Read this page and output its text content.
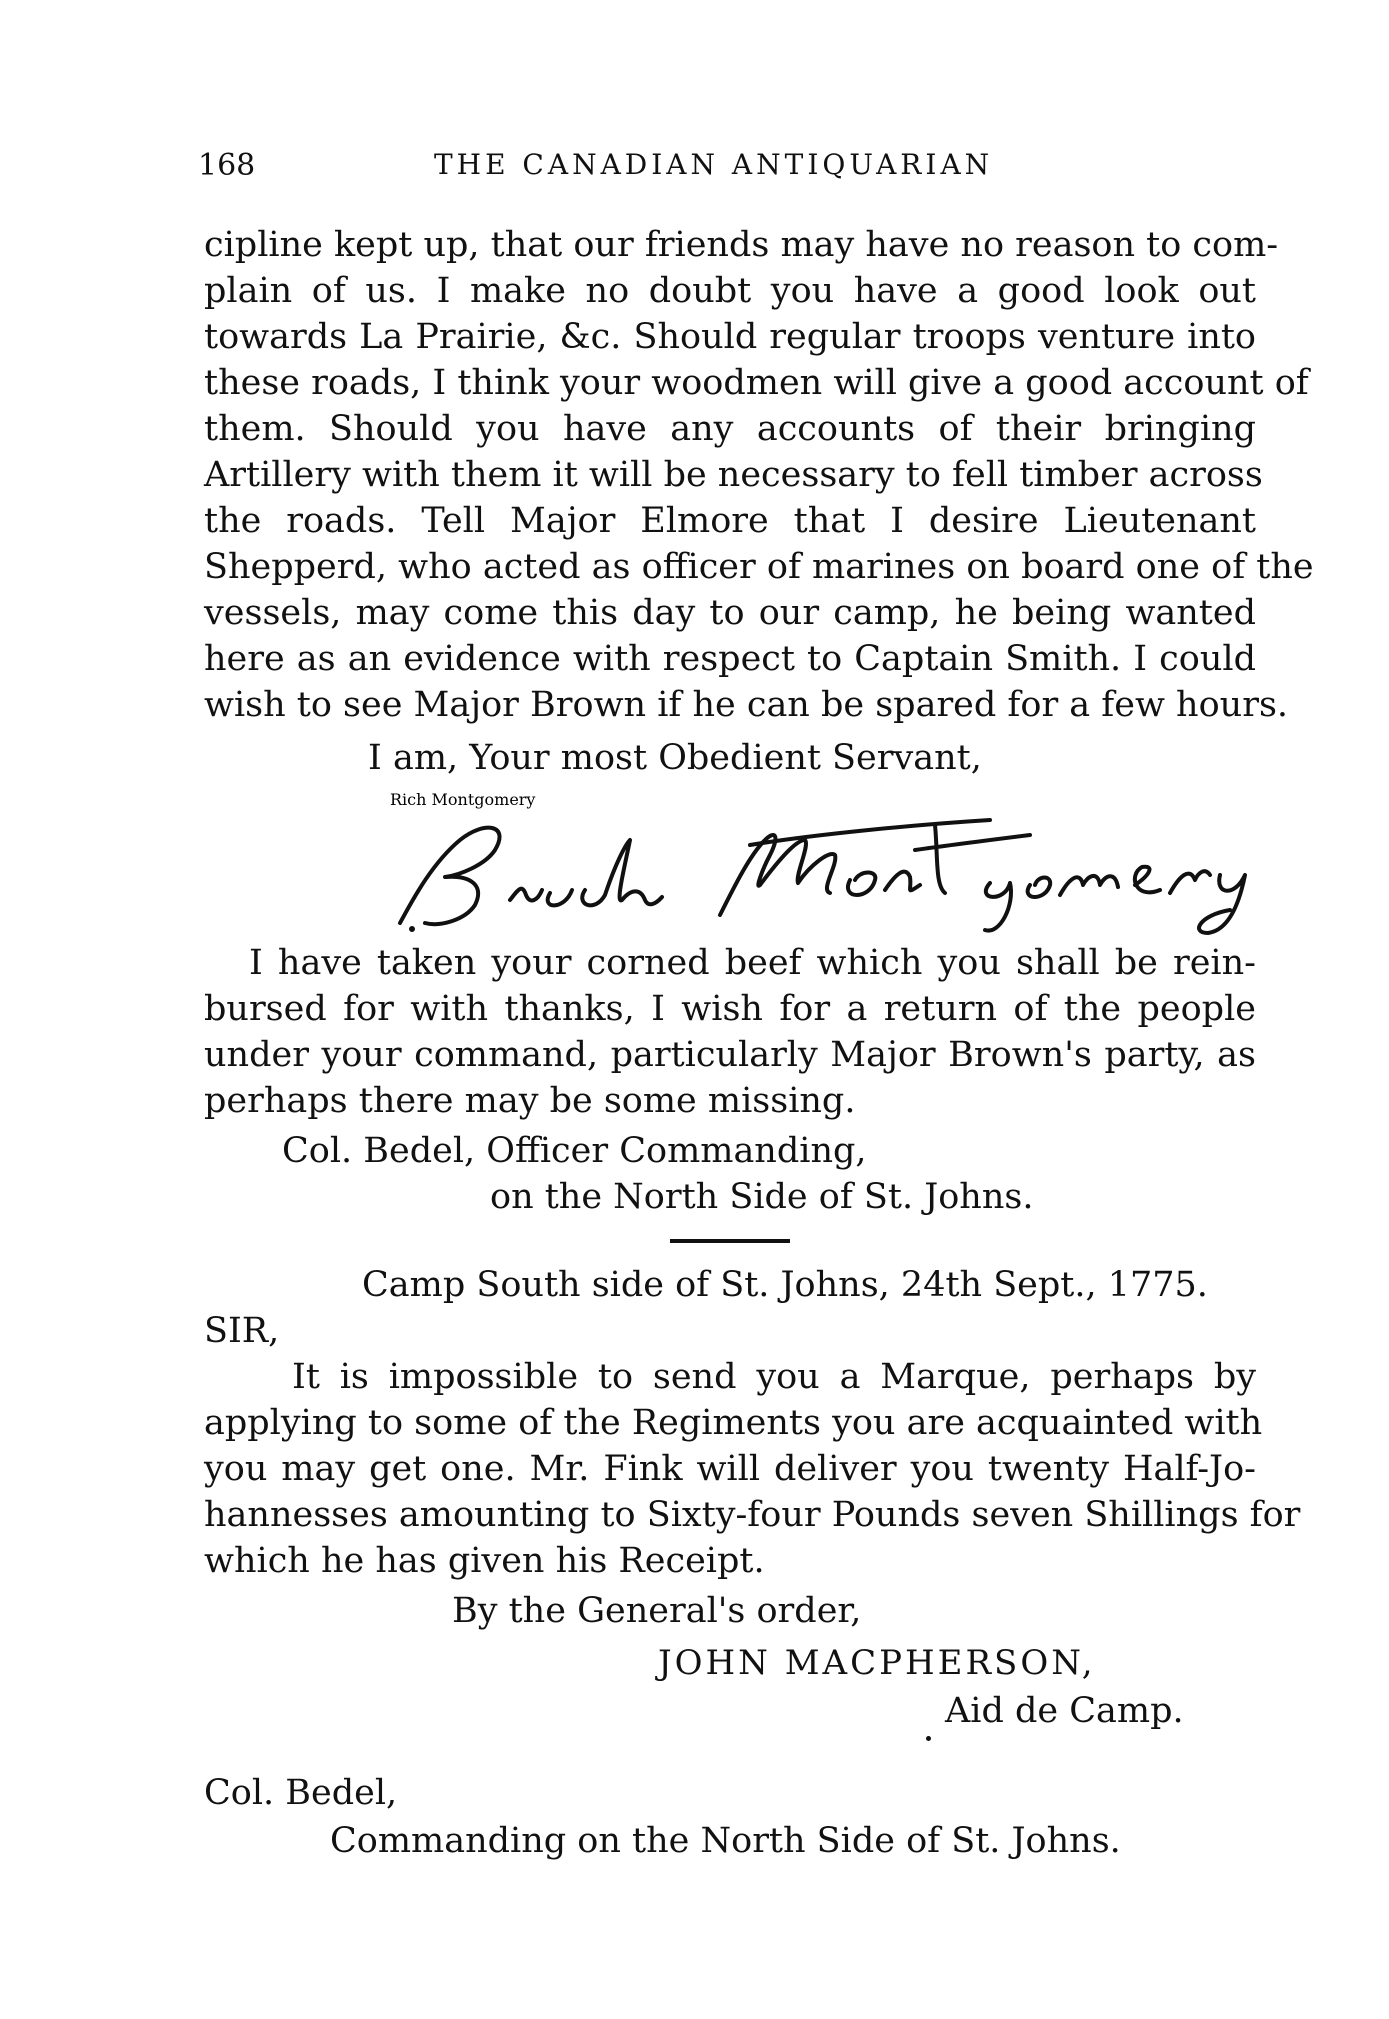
168	THE CANADIAN ANTIQUARIAN
cipline kept up, that our friends may have no reason to com-
plain of us. I make no doubt you have a good look out
towards La Prairie, &c. Should regular troops venture into
these roads, I think your woodmen will give a good account of
them. Should you have any accounts of their bringing
Artillery with them it will be necessary to fell timber across
the roads. Tell Major Elmore that I desire Lieutenant
Shepperd, who acted as officer of marines on board one of the
vessels, may come this day to our camp, he being wanted
here as an evidence with respect to Captain Smith. I could
wish to see Major Brown if he can be spared for a few hours.
I am, Your most Obedient Servant,
Rich Montgomery
I have taken your corned beef which you shall be rein-
bursed for with thanks, I wish for a return of the people
under your command, particularly Major Brown's party, as
perhaps there may be some missing.
Col. Bedel, Officer Commanding,
on the North Side of St. Johns.
Camp South side of St. Johns, 24th Sept., 1775.
SIR,
It is impossible to send you a Marque, perhaps by
applying to some of the Regiments you are acquainted with
you may get one. Mr. Fink will deliver you twenty Half-Jo-
hannesses amounting to Sixty-four Pounds seven Shillings for
which he has given his Receipt.
By the General's order,
JOHN MACPHERSON,
Aid de Camp.
Col. Bedel,
Commanding on the North Side of St. Johns.
